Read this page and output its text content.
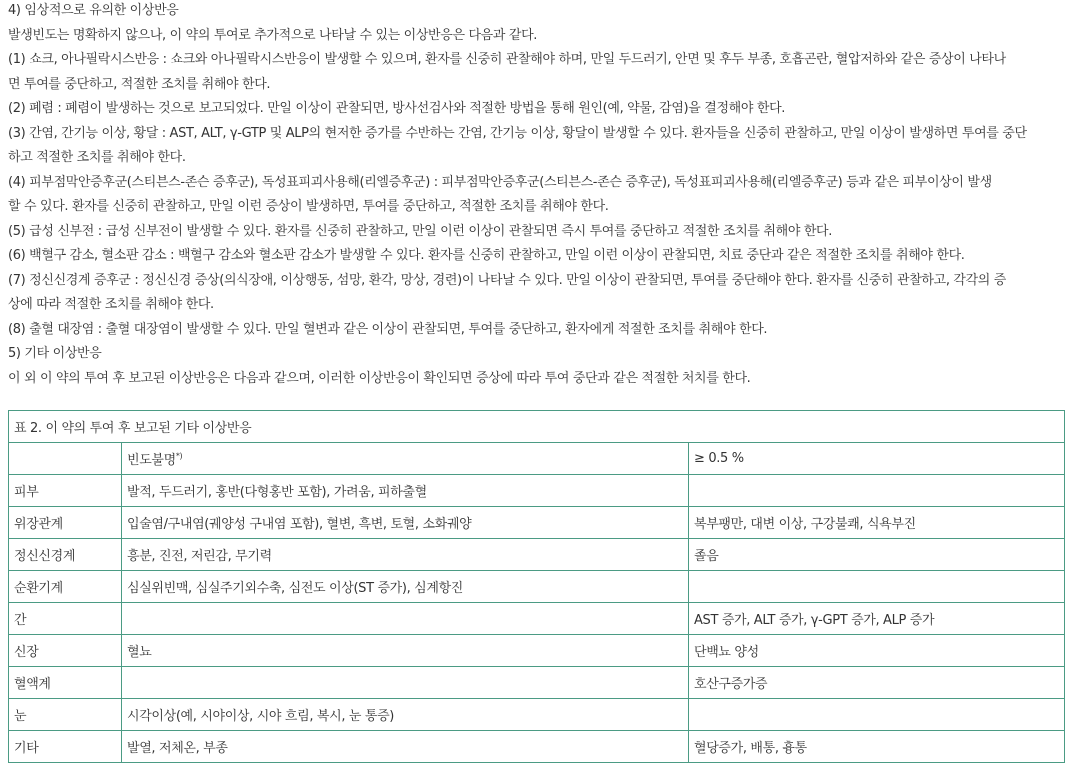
4) 임상적으로 유의한 이상반응
발생빈도는 명확하지 않으나, 이 약의 투여로 추가적으로 나타날 수 있는 이상반응은 다음과 같다.
(1) 쇼크, 아나필락시스반응 : 쇼크와 아나필락시스반응이 발생할 수 있으며, 환자를 신중히 관찰해야 하며, 만일 두드러기, 안면 및 후두 부종, 호흡곤란, 혈압저하와 같은 증상이 나타나
면 투여를 중단하고, 적절한 조치를 취해야 한다.
(2) 폐렴 : 폐렴이 발생하는 것으로 보고되었다. 만일 이상이 관찰되면, 방사선검사와 적절한 방법을 통해 원인(예, 약물, 감염)을 결정해야 한다.
(3) 간염, 간기능 이상, 황달 : AST, ALT, γ-GTP 및 ALP의 현저한 증가를 수반하는 간염, 간기능 이상, 황달이 발생할 수 있다. 환자들을 신중히 관찰하고, 만일 이상이 발생하면 투여를 중단
하고 적절한 조치를 취해야 한다.
(4) 피부점막안증후군(스티븐스-존슨 증후군), 독성표피괴사용해(리엘증후군) : 피부점막안증후군(스티븐스-존슨 증후군), 독성표피괴사용해(리엘증후군) 등과 같은 피부이상이 발생
할 수 있다. 환자를 신중히 관찰하고, 만일 이런 증상이 발생하면, 투여를 중단하고, 적절한 조치를 취해야 한다.
(5) 급성 신부전 : 급성 신부전이 발생할 수 있다. 환자를 신중히 관찰하고, 만일 이런 이상이 관찰되면 즉시 투여를 중단하고 적절한 조치를 취해야 한다.
(6) 백혈구 감소, 혈소판 감소 : 백혈구 감소와 혈소판 감소가 발생할 수 있다. 환자를 신중히 관찰하고, 만일 이런 이상이 관찰되면, 치료 중단과 같은 적절한 조치를 취해야 한다.
(7) 정신신경계 증후군 : 정신신경 증상(의식장애, 이상행동, 섬망, 환각, 망상, 경련)이 나타날 수 있다. 만일 이상이 관찰되면, 투여를 중단해야 한다. 환자를 신중히 관찰하고, 각각의 증
상에 따라 적절한 조치를 취해야 한다.
(8) 출혈 대장염 : 출혈 대장염이 발생할 수 있다. 만일 혈변과 같은 이상이 관찰되면, 투여를 중단하고, 환자에게 적절한 조치를 취해야 한다.
5) 기타 이상반응
이 외 이 약의 투여 후 보고된 이상반응은 다음과 같으며, 이러한 이상반응이 확인되면 증상에 따라 투여 중단과 같은 적절한 처치를 한다.
표 2. 이 약의 투여 후 보고된 기타 이상반응		
	빈도불명*)	≥ 0.5 %
피부	발적, 두드러기, 홍반(다형홍반 포함), 가려움, 피하출혈	
위장관계	입술염/구내염(궤양성 구내염 포함), 혈변, 흑변, 토혈, 소화궤양	복부팽만, 대변 이상, 구강불쾌, 식욕부진
정신신경계	흥분, 진전, 저린감, 무기력	졸음
순환기계	심실위빈맥, 심실주기외수축, 심전도 이상(ST 증가), 심계항진	
간		AST 증가, ALT 증가, γ-GPT 증가, ALP 증가
신장	혈뇨	단백뇨 양성
혈액계		호산구증가증
눈	시각이상(예, 시야이상, 시야 흐림, 복시, 눈 통증)	
기타	발열, 저체온, 부종	혈당증가, 배통, 흉통
